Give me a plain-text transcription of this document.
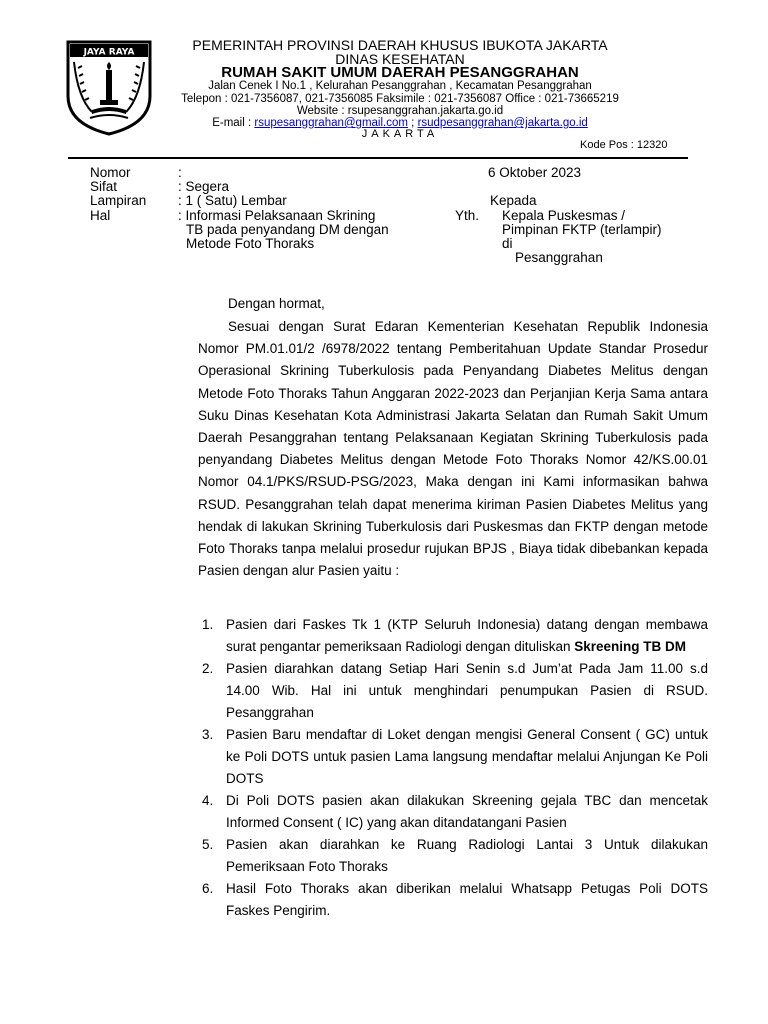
JAYA RAYA	PEMERINTAH PROVINSI DAERAH KHUSUS IBUKOTA JAKARTA
DINAS KESEHATAN
RUMAH SAKIT UMUM DAERAH PESANGGRAHAN
Jalan Cenek I No.1 , Kelurahan Pesanggrahan , Kecamatan Pesanggrahan
Telepon : 021-7356087, 021-7356085 Faksimile : 021-7356087 Office : 021-73665219
Website : rsupesanggrahan.jakarta.go.id
E-mail : rsupesanggrahan@gmail.com ; rsudpesanggrahan@jakarta.go.id
JAKARTA
Kode Pos : 12320
Nomor	:
Sifat	: Segera
Lampiran : 1 ( Satu) Lembar
Hal	: Informasi Pelaksanaan Skrining
TB pada penyandang DM dengan
Metode Foto Thoraks
6 Oktober 2023
Kepada
Yth. Kepala Puskesmas /
Pimpinan FKTP (terlampir)
di
Pesanggrahan
Dengan hormat,
Sesuai dengan Surat Edaran Kementerian Kesehatan Republik Indonesia Nomor PM.01.01/2 /6978/2022 tentang Pemberitahuan Update Standar Prosedur Operasional Skrining Tuberkulosis pada Penyandang Diabetes Melitus dengan Metode Foto Thoraks Tahun Anggaran 2022-2023 dan Perjanjian Kerja Sama antara Suku Dinas Kesehatan Kota Administrasi Jakarta Selatan dan Rumah Sakit Umum Daerah Pesanggrahan tentang Pelaksanaan Kegiatan Skrining Tuberkulosis pada penyandang Diabetes Melitus dengan Metode Foto Thoraks Nomor 42/KS.00.01 Nomor 04.1/PKS/RSUD-PSG/2023, Maka dengan ini Kami informasikan bahwa RSUD. Pesanggrahan telah dapat menerima kiriman Pasien Diabetes Melitus yang hendak di lakukan Skrining Tuberkulosis dari Puskesmas dan FKTP dengan metode Foto Thoraks tanpa melalui prosedur rujukan BPJS , Biaya tidak dibebankan kepada Pasien dengan alur Pasien yaitu :
1. Pasien dari Faskes Tk 1 (KTP Seluruh Indonesia) datang dengan membawa surat pengantar pemeriksaan Radiologi dengan dituliskan Skreening TB DM
2. Pasien diarahkan datang Setiap Hari Senin s.d Jum’at Pada Jam 11.00 s.d 14.00 Wib. Hal ini untuk menghindari penumpukan Pasien di RSUD. Pesanggrahan
3. Pasien Baru mendaftar di Loket dengan mengisi General Consent ( GC) untuk ke Poli DOTS untuk pasien Lama langsung mendaftar melalui Anjungan Ke Poli DOTS
4. Di Poli DOTS pasien akan dilakukan Skreening gejala TBC dan mencetak Informed Consent ( IC) yang akan ditandatangani Pasien
5. Pasien akan diarahkan ke Ruang Radiologi Lantai 3 Untuk dilakukan Pemeriksaan Foto Thoraks
6. Hasil Foto Thoraks akan diberikan melalui Whatsapp Petugas Poli DOTS Faskes Pengirim.
